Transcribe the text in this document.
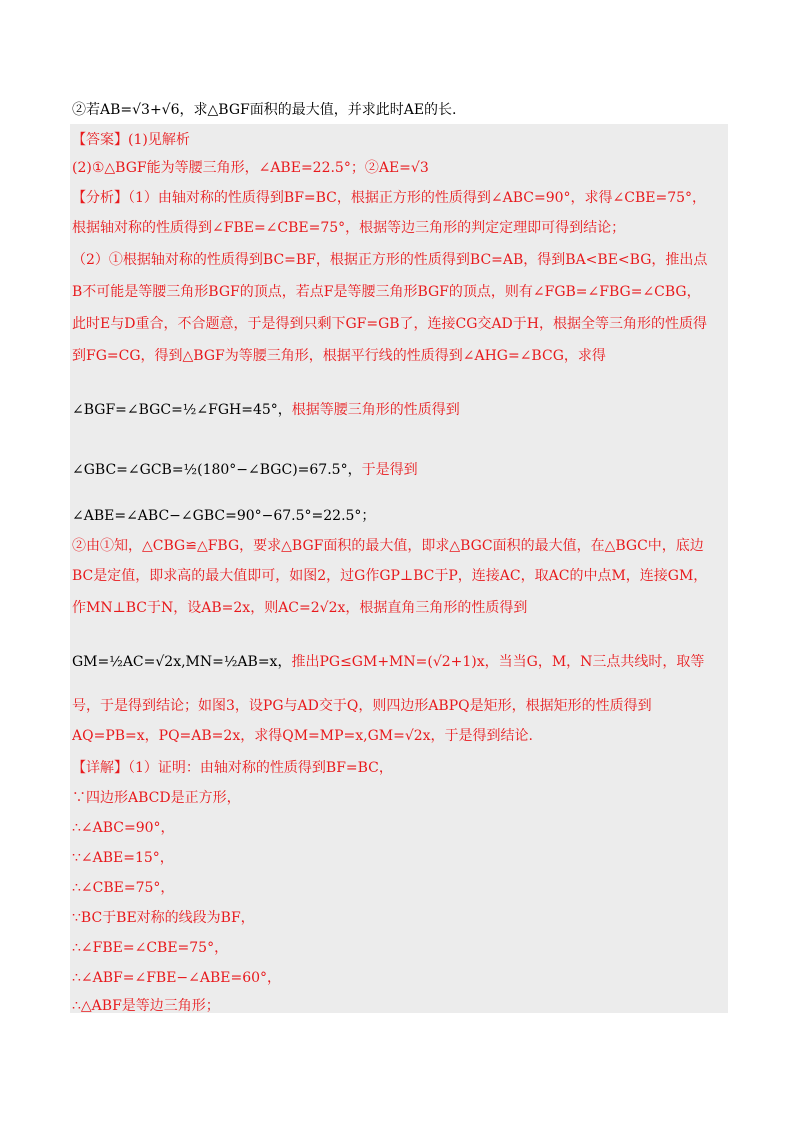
②若AB=√3+√6，求△BGF面积的最大值，并求此时AE的长.
【答案】(1)见解析
(2)①△BGF能为等腰三角形，∠ABE=22.5°；②AE=√3
【分析】（1）由轴对称的性质得到BF=BC，根据正方形的性质得到∠ABC=90°，求得∠CBE=75°，
根据轴对称的性质得到∠FBE=∠CBE=75°，根据等边三角形的判定定理即可得到结论；
（2）①根据轴对称的性质得到BC=BF，根据正方形的性质得到BC=AB，得到BA<BE<BG，推出点
B不可能是等腰三角形BGF的顶点，若点F是等腰三角形BGF的顶点，则有∠FGB=∠FBG=∠CBG，
此时E与D重合，不合题意，于是得到只剩下GF=GB了，连接CG交AD于H，根据全等三角形的性质得
到FG=CG，得到△BGF为等腰三角形，根据平行线的性质得到∠AHG=∠BCG，求得
∠BGF=∠BGC=½∠FGH=45°，根据等腰三角形的性质得到
∠GBC=∠GCB=½(180°−∠BGC)=67.5°，于是得到
∠ABE=∠ABC−∠GBC=90°−67.5°=22.5°；
②由①知，△CBG≌△FBG，要求△BGF面积的最大值，即求△BGC面积的最大值，在△BGC中，底边
BC是定值，即求高的最大值即可，如图2，过G作GP⊥BC于P，连接AC，取AC的中点M，连接GM，
作MN⊥BC于N，设AB=2x，则AC=2√2x，根据直角三角形的性质得到
GM=½AC=√2x,MN=½AB=x，推出PG≤GM+MN=(√2+1)x，当当G，M，N三点共线时，取等
号，于是得到结论；如图3，设PG与AD交于Q，则四边形ABPQ是矩形，根据矩形的性质得到
AQ=PB=x，PQ=AB=2x，求得QM=MP=x,GM=√2x，于是得到结论.
【详解】（1）证明：由轴对称的性质得到BF=BC，
∵四边形ABCD是正方形，
∴∠ABC=90°，
∵∠ABE=15°，
∴∠CBE=75°，
∵BC于BE对称的线段为BF，
∴∠FBE=∠CBE=75°，
∴∠ABF=∠FBE−∠ABE=60°，
∴△ABF是等边三角形；
